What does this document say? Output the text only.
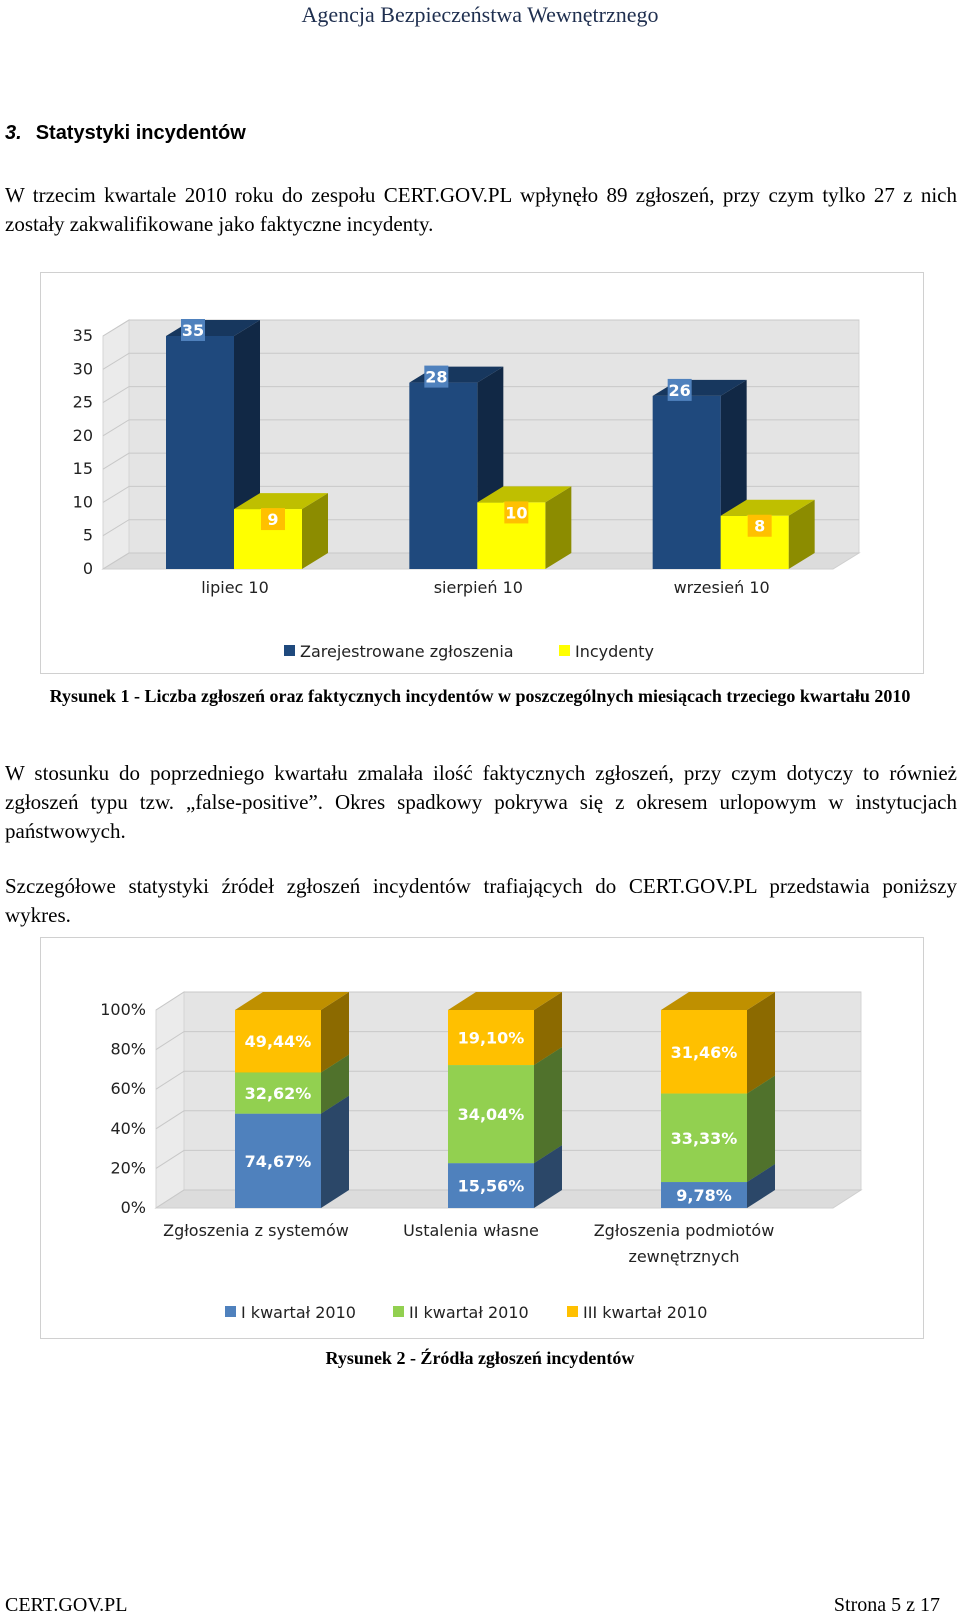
Agencja Bezpieczeństwa Wewnętrznego
3. Statystyki incydentów
W trzecim kwartale 2010 roku do zespołu CERT.GOV.PL wpłynęło 89 zgłoszeń, przy czym tylko 27 z nich zostały zakwalifikowane jako faktyczne incydenty.
0
5
10
15
20
25
30
35	35
9
lipiec 10
28
10
sierpień 10
26
8
wrzesień 10
Zarejestrowane zgłoszenia	Incydenty
Rysunek 1 - Liczba zgłoszeń oraz faktycznych incydentów w poszczególnych miesiącach trzeciego kwartału 2010
W stosunku do poprzedniego kwartału zmalała ilość faktycznych zgłoszeń, przy czym dotyczy to również zgłoszeń typu tzw. „false-positive”. Okres spadkowy pokrywa się z okresem urlopowym w instytucjach państwowych.
Szczegółowe statystyki źródeł zgłoszeń incydentów trafiających do CERT.GOV.PL przedstawia poniższy wykres.
0%
20%
40%
60%
80%
100%
74,67%
32,62%
49,44%
15,56%
34,04%
19,10%
9,78%
33,33%
31,46%
Zgłoszenia z systemów	Ustalenia własne	Zgłoszenia podmiotów
zewnętrznych
I kwartał 2010	II kwartał 2010	III kwartał 2010
Rysunek 2 - Źródła zgłoszeń incydentów
CERT.GOV.PL	Strona 5 z 17
